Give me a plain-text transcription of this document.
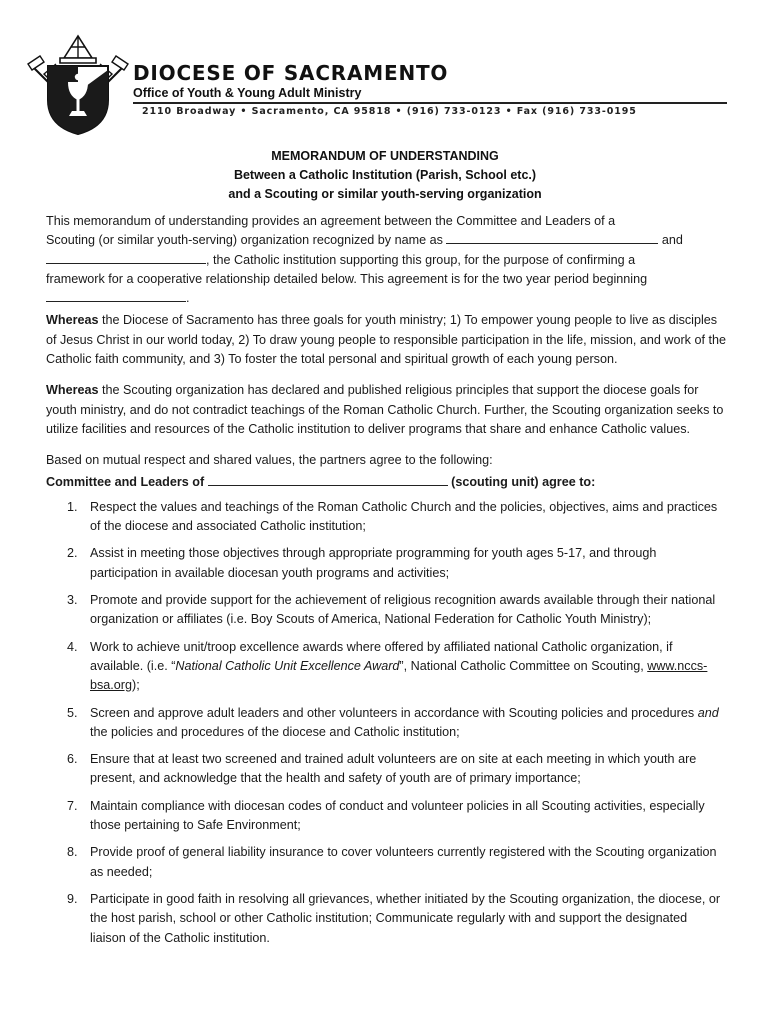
DIOCESE OF SACRAMENTO
Office of Youth & Young Adult Ministry
2110 Broadway • Sacramento, CA 95818 • (916) 733-0123 • Fax (916) 733-0195
MEMORANDUM OF UNDERSTANDING
Between a Catholic Institution (Parish, School etc.)
and a Scouting or similar youth-serving organization

This memorandum of understanding provides an agreement between the Committee and Leaders of a
Scouting (or similar youth-serving) organization recognized by name as	and
, the Catholic institution supporting this group, for the purpose of confirming a
framework for a cooperative relationship detailed below. This agreement is for the two year period beginning
.

Whereas the Diocese of Sacramento has three goals for youth ministry; 1) To empower young people to live as disciples of Jesus Christ in our world today, 2) To draw young people to responsible participation in the life, mission, and work of the Catholic faith community, and 3) To foster the total personal and spiritual growth of each young person.

Whereas the Scouting organization has declared and published religious principles that support the diocese goals for youth ministry, and do not contradict teachings of the Roman Catholic Church. Further, the Scouting organization seeks to utilize facilities and resources of the Catholic institution to deliver programs that share and enhance Catholic values.

Based on mutual respect and shared values, the partners agree to the following:

Committee and Leaders of	(scouting unit) agree to:

1. Respect the values and teachings of the Roman Catholic Church and the policies, objectives, aims and practices of the diocese and associated Catholic institution;
2. Assist in meeting those objectives through appropriate programming for youth ages 5-17, and through participation in available diocesan youth programs and activities;
3. Promote and provide support for the achievement of religious recognition awards available through their national organization or affiliates (i.e. Boy Scouts of America, National Federation for Catholic Youth Ministry);
4. Work to achieve unit/troop excellence awards where offered by affiliated national Catholic organization, if available. (i.e. “National Catholic Unit Excellence Award”, National Catholic Committee on Scouting, www.nccs-bsa.org);
5. Screen and approve adult leaders and other volunteers in accordance with Scouting policies and procedures and the policies and procedures of the diocese and Catholic institution;
6. Ensure that at least two screened and trained adult volunteers are on site at each meeting in which youth are present, and acknowledge that the health and safety of youth are of primary importance;
7. Maintain compliance with diocesan codes of conduct and volunteer policies in all Scouting activities, especially those pertaining to Safe Environment;
8. Provide proof of general liability insurance to cover volunteers currently registered with the Scouting organization as needed;
9. Participate in good faith in resolving all grievances, whether initiated by the Scouting organization, the diocese, or the host parish, school or other Catholic institution; Communicate regularly with and support the designated liaison of the Catholic institution.
